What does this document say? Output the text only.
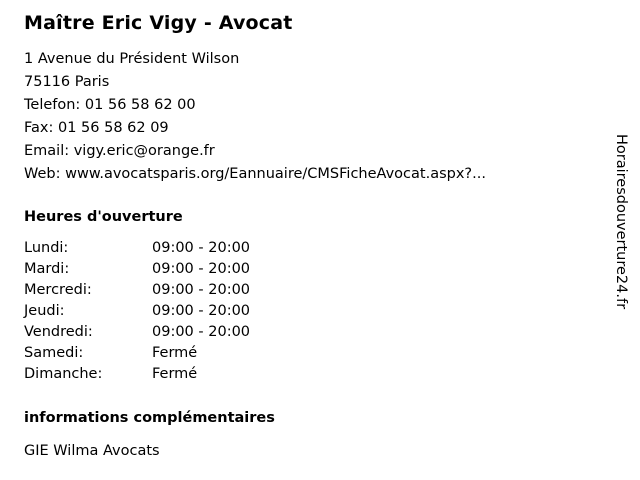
Maître Eric Vigy - Avocat
1 Avenue du Président Wilson
75116 Paris
Telefon: 01 56 58 62 00
Fax: 01 56 58 62 09
Email: vigy.eric@orange.fr
Web: www.avocatsparis.org/Eannuaire/CMSFicheAvocat.aspx?...
Heures d'ouverture
Lundi:	09:00 - 20:00
Mardi:	09:00 - 20:00
Mercredi:	09:00 - 20:00
Jeudi:	09:00 - 20:00
Vendredi:	09:00 - 20:00
Samedi:	Fermé
Dimanche:	Fermé
informations complémentaires
GIE Wilma Avocats
Horairesdouverture24.fr
